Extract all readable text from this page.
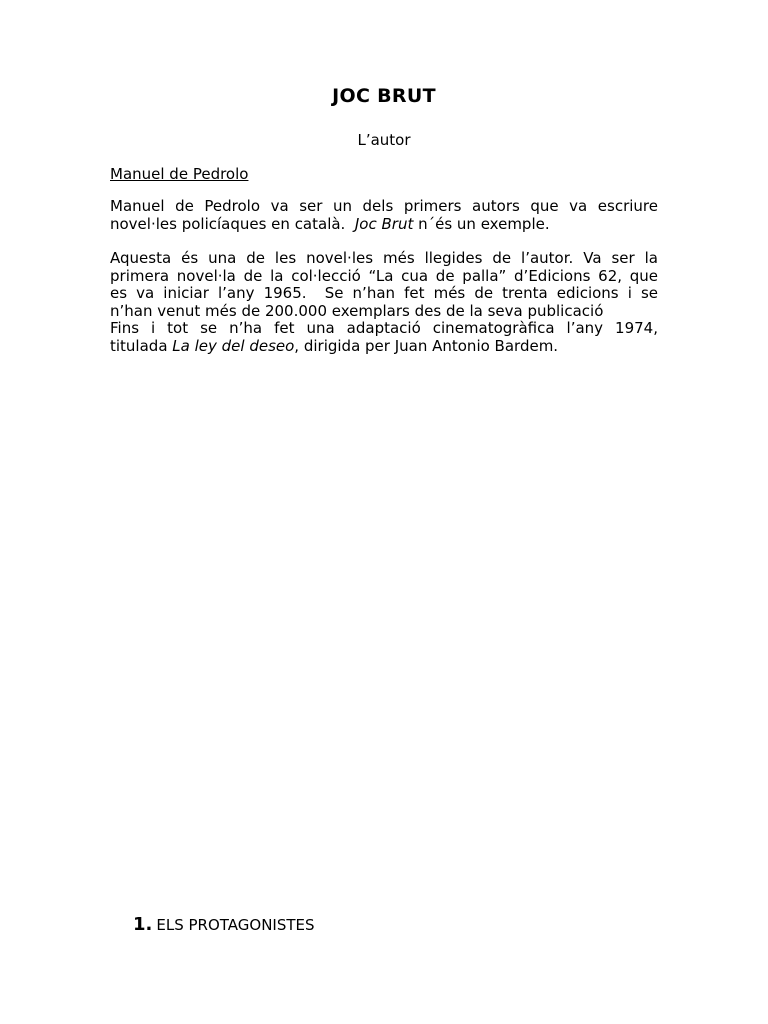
JOC BRUT
L’autor
Manuel de Pedrolo
Manuel de Pedrolo va ser un dels primers autors que va escriure
novel·les policíaques en català.  Joc Brut n´és un exemple.
Aquesta és una de les novel·les més llegides de l’autor. Va ser la
primera novel·la de la col·lecció “La cua de palla” d’Edicions 62, que
es va iniciar l’any 1965.  Se n’han fet més de trenta edicions i se
n’han venut més de 200.000 exemplars des de la seva publicació
Fins i tot se n’ha fet una adaptació cinematogràfica l’any 1974,
titulada La ley del deseo, dirigida per Juan Antonio Bardem.
1. ELS PROTAGONISTES
